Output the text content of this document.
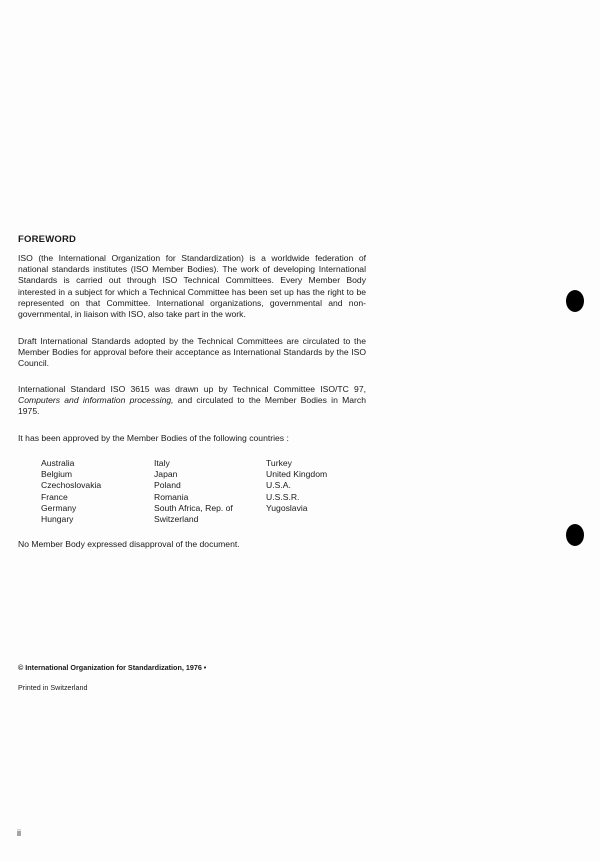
FOREWORD

ISO (the International Organization for Standardization) is a worldwide federation of national standards institutes (ISO Member Bodies). The work of developing International Standards is carried out through ISO Technical Committees. Every Member Body interested in a subject for which a Technical Committee has been set up has the right to be represented on that Committee. International organizations, governmental and non-governmental, in liaison with ISO, also take part in the work.

Draft International Standards adopted by the Technical Committees are circulated to the Member Bodies for approval before their acceptance as International Standards by the ISO Council.

International Standard ISO 3615 was drawn up by Technical Committee ISO/TC 97, Computers and information processing, and circulated to the Member Bodies in March 1975.

It has been approved by the Member Bodies of the following countries :

Australia
Belgium
Czechoslovakia
France
Germany
Hungary
Italy
Japan
Poland
Romania
South Africa, Rep. of
Switzerland
Turkey
United Kingdom
U.S.A.
U.S.S.R.
Yugoslavia

No Member Body expressed disapproval of the document.

© International Organization for Standardization, 1976 •

Printed in Switzerland

ii
